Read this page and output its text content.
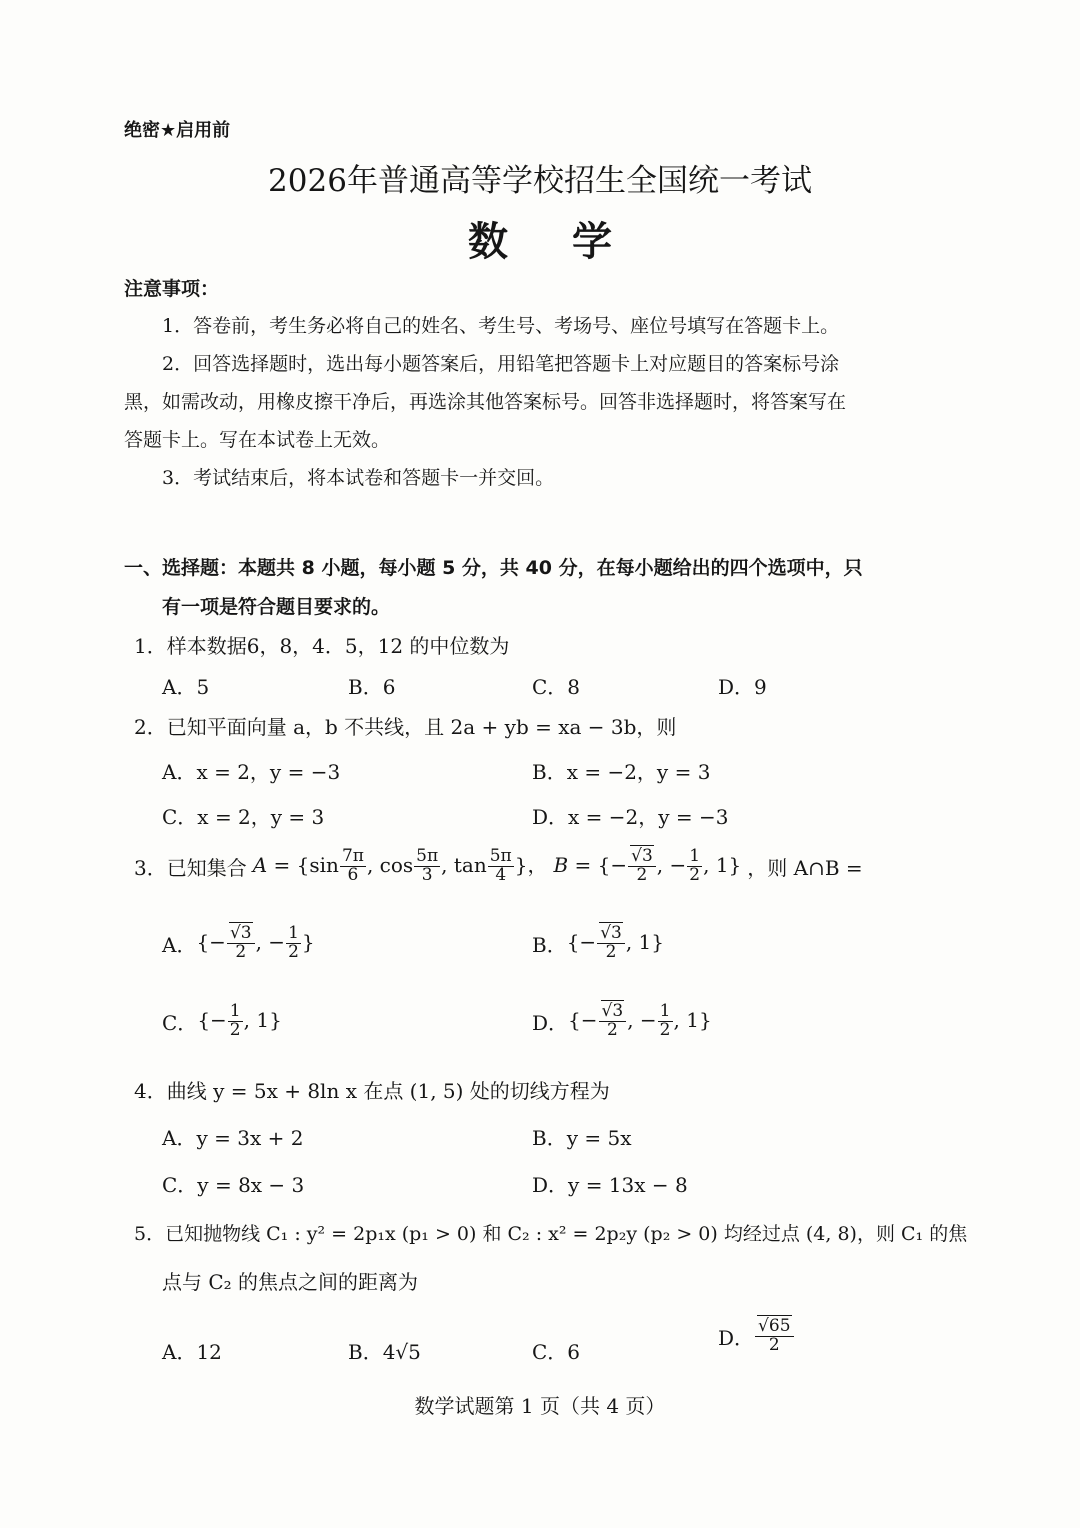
绝密★启用前
2026年普通高等学校招生全国统一考试
数学
注意事项：
1．答卷前，考生务必将自己的姓名、考生号、考场号、座位号填写在答题卡上。
2．回答选择题时，选出每小题答案后，用铅笔把答题卡上对应题目的答案标号涂
黑，如需改动，用橡皮擦干净后，再选涂其他答案标号。回答非选择题时，将答案写在
答题卡上。写在本试卷上无效。
3．考试结束后，将本试卷和答题卡一并交回。
一、选择题：本题共 8 小题，每小题 5 分，共 40 分，在每小题给出的四个选项中，只
有一项是符合题目要求的。
1．样本数据6，8，4．5，12 的中位数为
A．5	B．6	C．8	D．9
2．已知平面向量 a，b 不共线，且 2a + yb = xa − 3b，则
A．x = 2，y = −3	B．x = −2，y = 3
C．x = 2，y = 3	D．x = −2，y = −3
3．已知集合 $A = \{\sin \frac{7\pi}{6}$ , $\cos \frac{5\pi}{3}$ , $\tan \frac{5\pi}{4}$ }， B = {− $\frac{√3}{2}$ , − $\frac{1}{2}$ , 1} ，则 A∩B =
A． {− $\frac{√3}{2}$ , − $\frac{1}{2}$ }	B． {− $\frac{√3}{2}$ , 1}
C． {− $\frac{1}{2}$ , 1}	D． {− $\frac{√3}{2}$ , − $\frac{1}{2}$ , 1}
4．曲线 y = 5x + 8ln x 在点 (1, 5) 处的切线方程为
A．y = 3x + 2	B．y = 5x
C．y = 8x − 3	D．y = 13x − 8
5．已知抛物线 C₁ : y² = 2p₁x (p₁ > 0) 和 C₂ : x² = 2p₂y (p₂ > 0) 均经过点 (4, 8)，则 C₁ 的焦
点与 C₂ 的焦点之间的距离为
A．12	B．4√5	C．6
D． $\frac{√65}{2}$
数学试题第 1 页（共 4 页）
